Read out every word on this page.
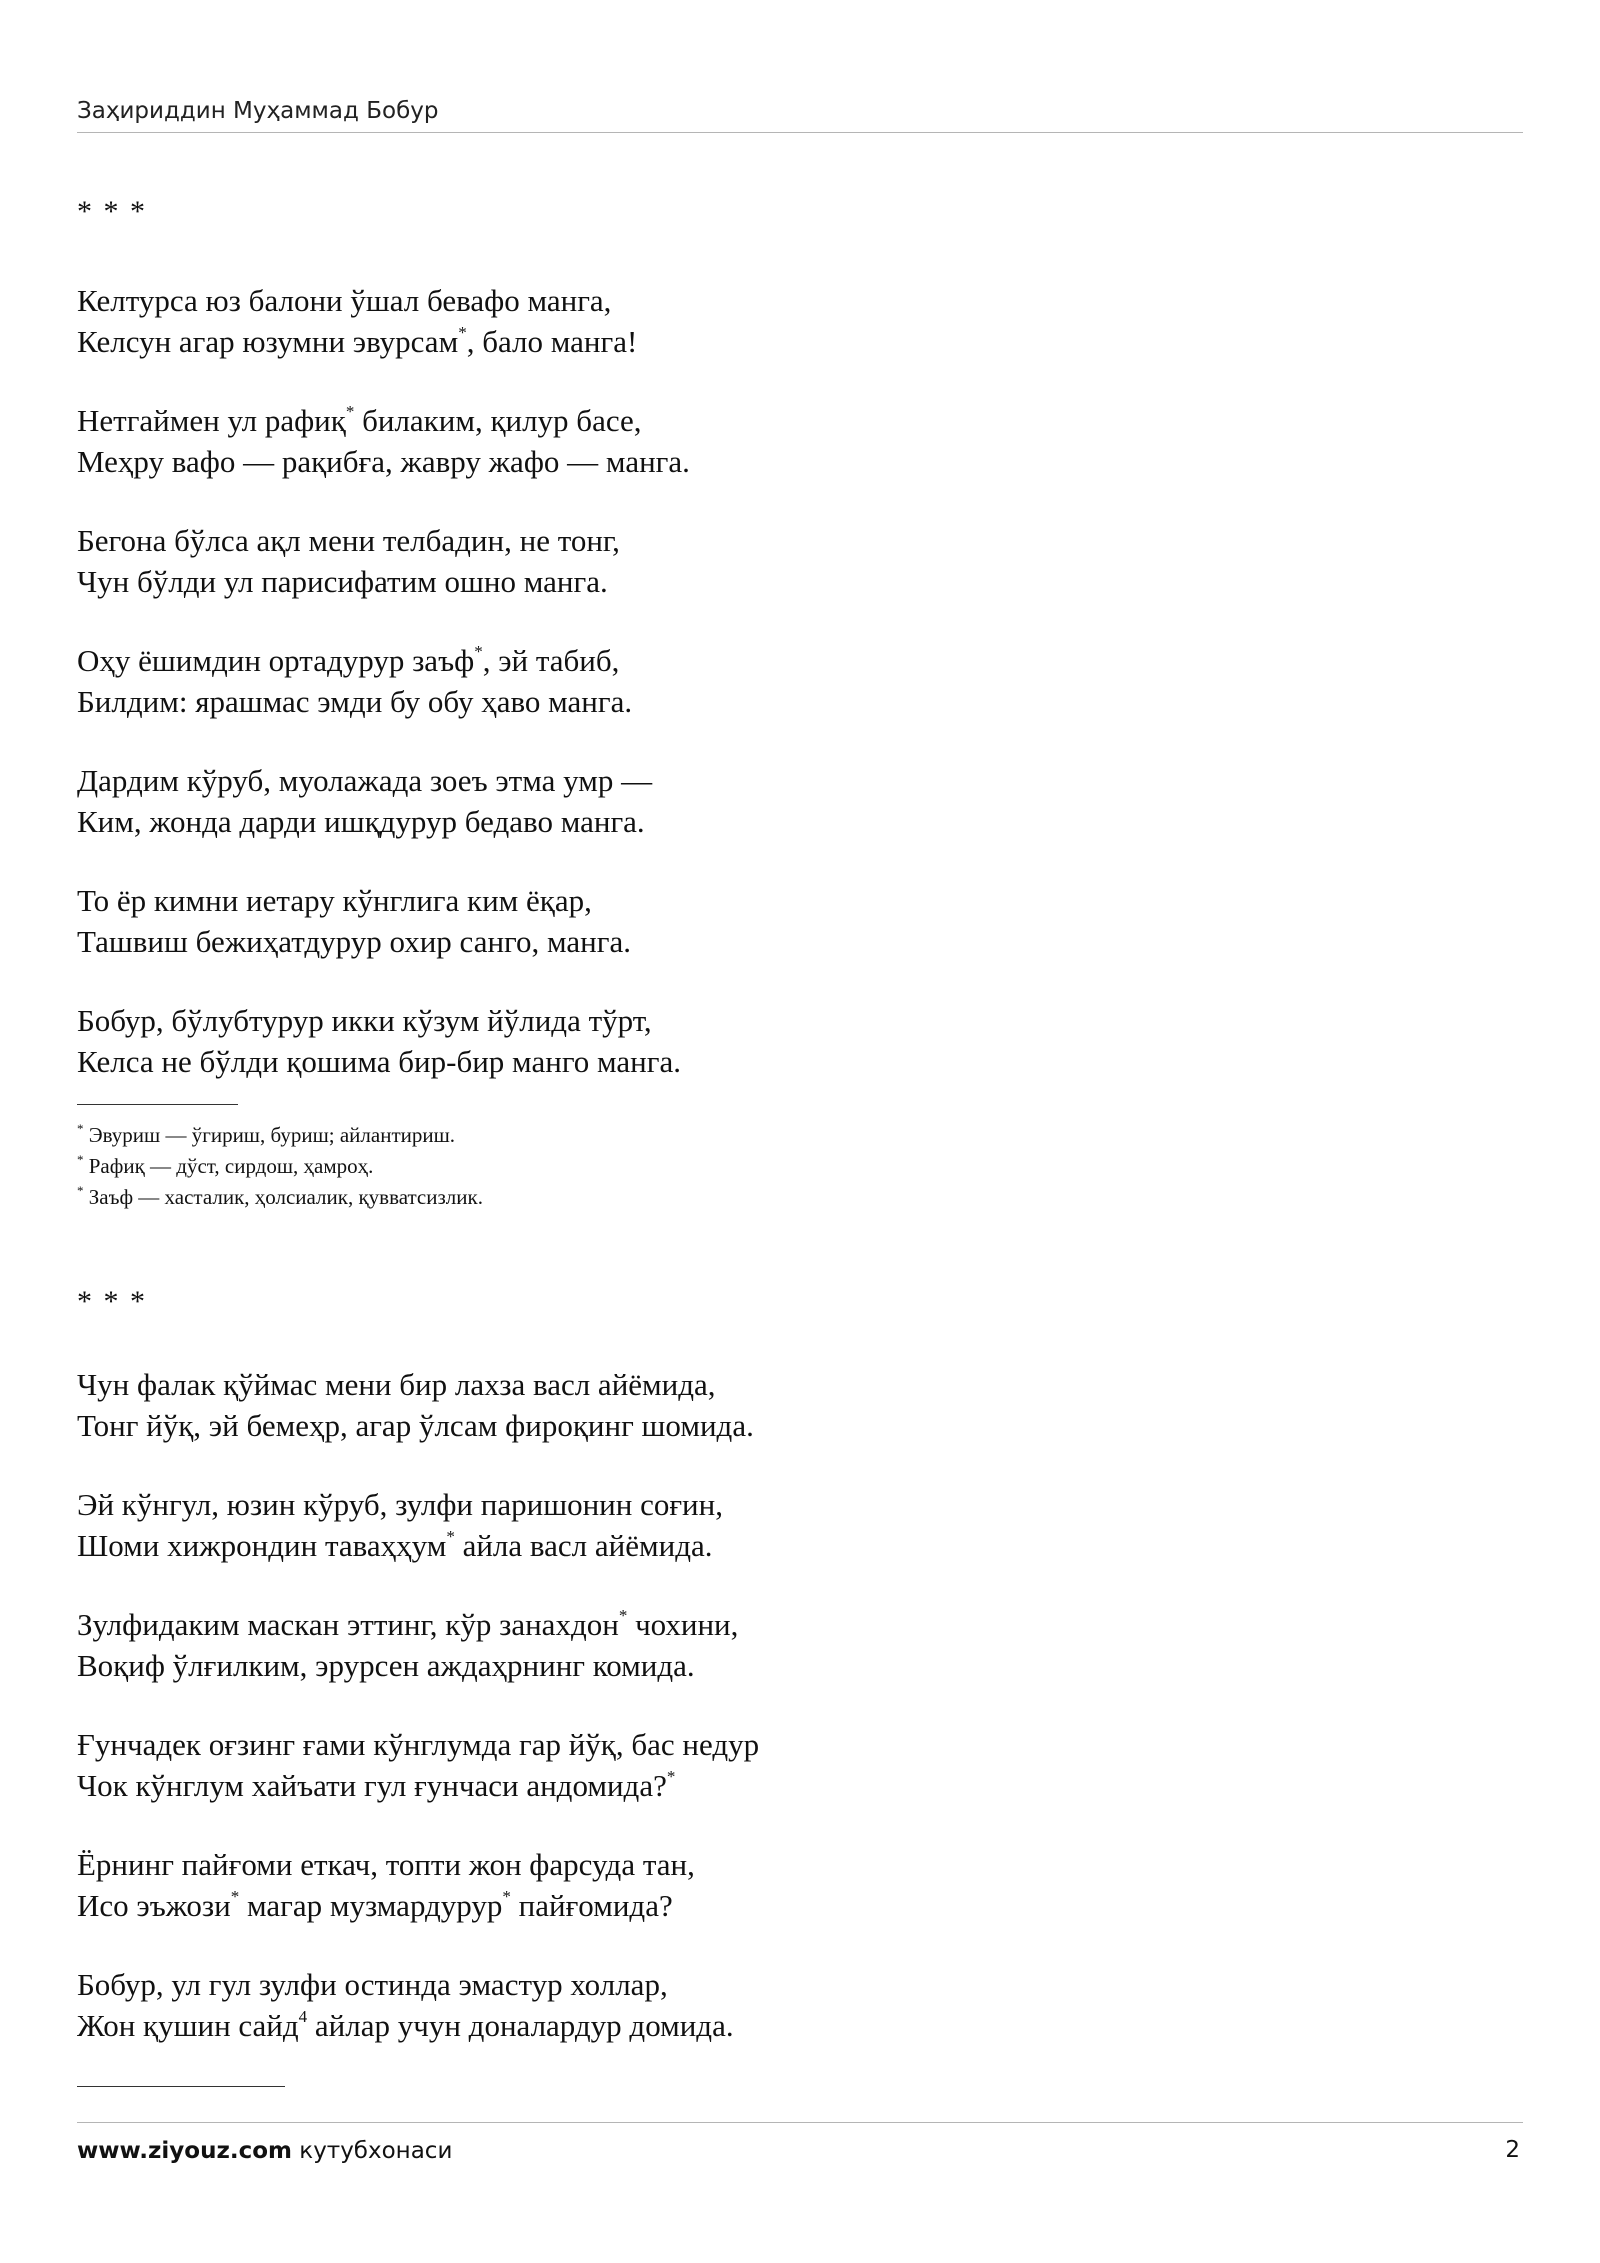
Заҳириддин Муҳаммад Бобур
* * *
Келтурса юз балони ўшал бевафо манга,
Келсун агар юзумни эвурсам*, бало манга!
Нетгаймен ул рафиқ* билаким, қилур басе,
Меҳру вафо — рақибға, жавру жафо — манга.
Бегона бўлса ақл мени телбадин, не тонг,
Чун бўлди ул парисифатим ошно манга.
Оҳу ёшимдин ортадурур заъф*, эй табиб,
Билдим: ярашмас эмди бу обу ҳаво манга.
Дардим кўруб, муолажада зоеъ этма умр —
Ким, жонда дарди ишқдурур бедаво манга.
То ёр кимни иетару кўнглига ким ёқар,
Ташвиш бежиҳатдурур охир санго, манга.
Бобур, бўлубтурур икки кўзум йўлида тўрт,
Келса не бўлди қошима бир-бир манго манга.
* Эвуриш — ўгириш, буриш; айлантириш.
* Рафиқ — дўст, сирдош, ҳамроҳ.
* Заъф — хасталик, ҳолсиалик, қувватсизлик.
* * *
Чун фалак қўймас мени бир лахза васл айёмида,
Тонг йўқ, эй бемеҳр, агар ўлсам фироқинг шомида.
Эй кўнгул, юзин кўруб, зулфи паришонин соғин,
Шоми хижрондин таваҳҳум* айла васл айёмида.
Зулфидаким маскан эттинг, кўр занахдон* чохини,
Воқиф ўлғилким, эрурсен аждаҳрнинг комида.
Ғунчадек оғзинг ғами кўнглумда гар йўқ, бас недур
Чок кўнглум хайъати гул ғунчаси андомида?*
Ёрнинг пайғоми еткач, топти жон фарсуда тан,
Исо эъжози* магар музмардурур* пайғомида?
Бобур, ул гул зулфи остинда эмастур холлар,
Жон қушин сайд$^4$ айлар учун доналардур домида.
www.ziyouz.com кутубхонаси	2
